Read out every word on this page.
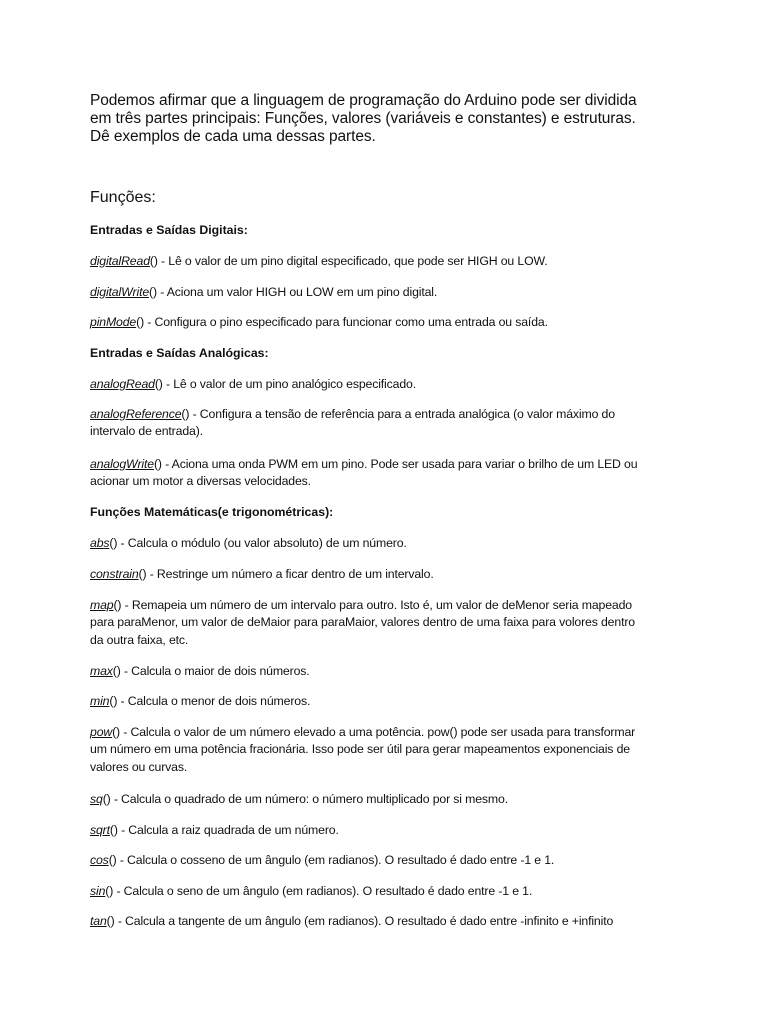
Podemos afirmar que a linguagem de programação do Arduino pode ser dividida
em três partes principais: Funções, valores (variáveis e constantes) e estruturas.
Dê exemplos de cada uma dessas partes.

Funções:

Entradas e Saídas Digitais:

digitalRead() - Lê o valor de um pino digital especificado, que pode ser HIGH ou LOW.

digitalWrite() - Aciona um valor HIGH ou LOW em um pino digital.

pinMode() - Configura o pino especificado para funcionar como uma entrada ou saída.

Entradas e Saídas Analógicas:

analogRead() - Lê o valor de um pino analógico especificado.

analogReference() - Configura a tensão de referência para a entrada analógica (o valor máximo do
intervalo de entrada).

analogWrite() - Aciona uma onda PWM em um pino. Pode ser usada para variar o brilho de um LED ou
acionar um motor a diversas velocidades.

Funções Matemáticas(e trigonométricas):

abs() - Calcula o módulo (ou valor absoluto) de um número.

constrain() - Restringe um número a ficar dentro de um intervalo.

map() - Remapeia um número de um intervalo para outro. Isto é, um valor de deMenor seria mapeado
para paraMenor, um valor de deMaior para paraMaior, valores dentro de uma faixa para volores dentro
da outra faixa, etc.

max() - Calcula o maior de dois números.

min() - Calcula o menor de dois números.

pow() - Calcula o valor de um número elevado a uma potência. pow() pode ser usada para transformar
um número em uma potência fracionária. Isso pode ser útil para gerar mapeamentos exponenciais de
valores ou curvas.

sq() - Calcula o quadrado de um número: o número multiplicado por si mesmo.

sqrt() - Calcula a raiz quadrada de um número.

cos() - Calcula o cosseno de um ângulo (em radianos). O resultado é dado entre -1 e 1.

sin() - Calcula o seno de um ângulo (em radianos). O resultado é dado entre -1 e 1.

tan() - Calcula a tangente de um ângulo (em radianos). O resultado é dado entre -infinito e +infinito
